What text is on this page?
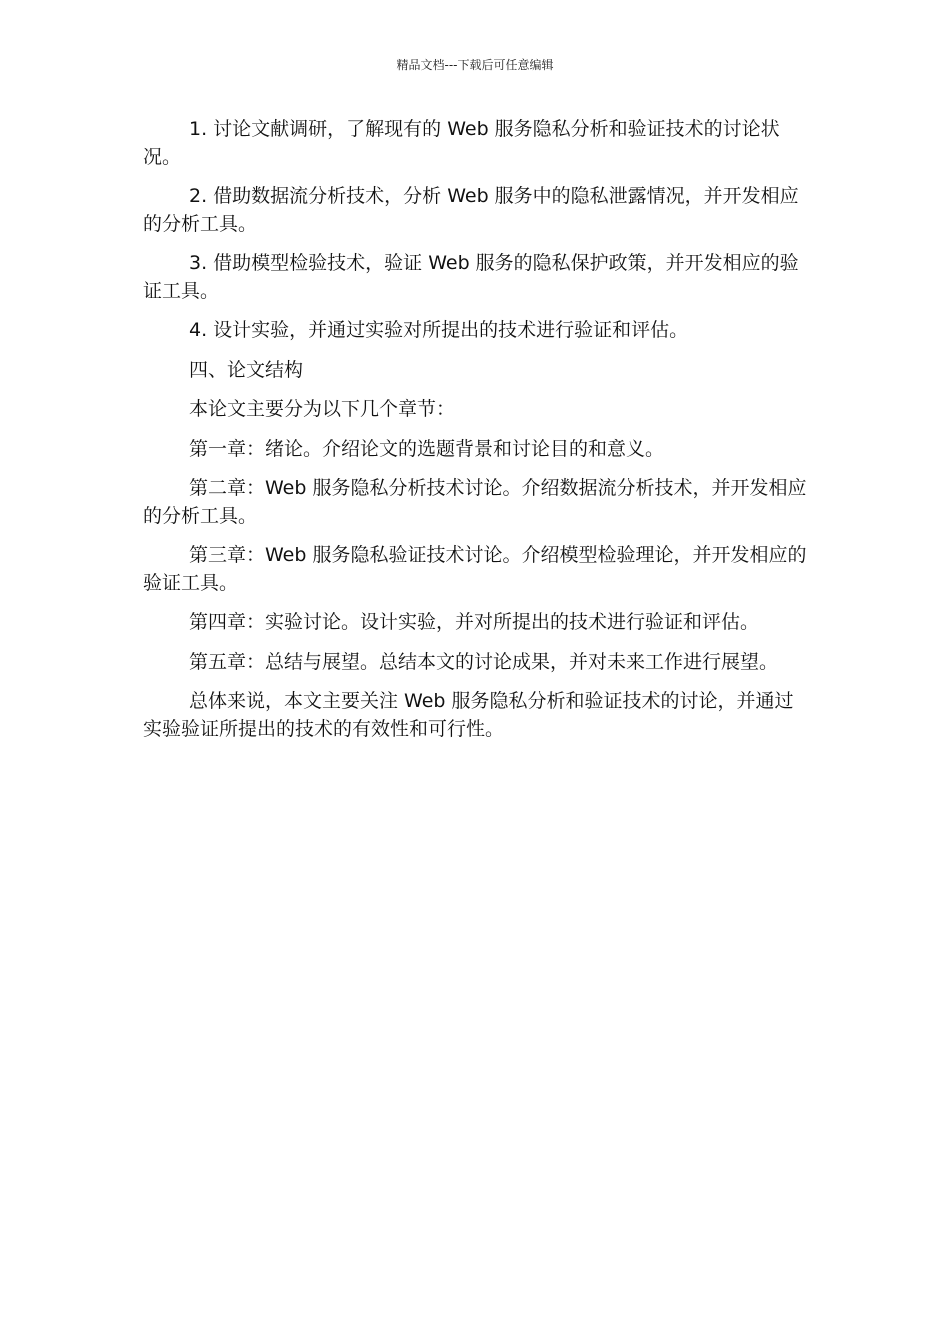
精品文档---下载后可任意编辑

1. 讨论文献调研，了解现有的 Web 服务隐私分析和验证技术的讨论状况。

2. 借助数据流分析技术，分析 Web 服务中的隐私泄露情况，并开发相应的分析工具。

3. 借助模型检验技术，验证 Web 服务的隐私保护政策，并开发相应的验证工具。

4. 设计实验，并通过实验对所提出的技术进行验证和评估。

四、论文结构

本论文主要分为以下几个章节：

第一章：绪论。介绍论文的选题背景和讨论目的和意义。

第二章：Web 服务隐私分析技术讨论。介绍数据流分析技术，并开发相应的分析工具。

第三章：Web 服务隐私验证技术讨论。介绍模型检验理论，并开发相应的验证工具。

第四章：实验讨论。设计实验，并对所提出的技术进行验证和评估。

第五章：总结与展望。总结本文的讨论成果，并对未来工作进行展望。

总体来说，本文主要关注 Web 服务隐私分析和验证技术的讨论，并通过实验验证所提出的技术的有效性和可行性。
